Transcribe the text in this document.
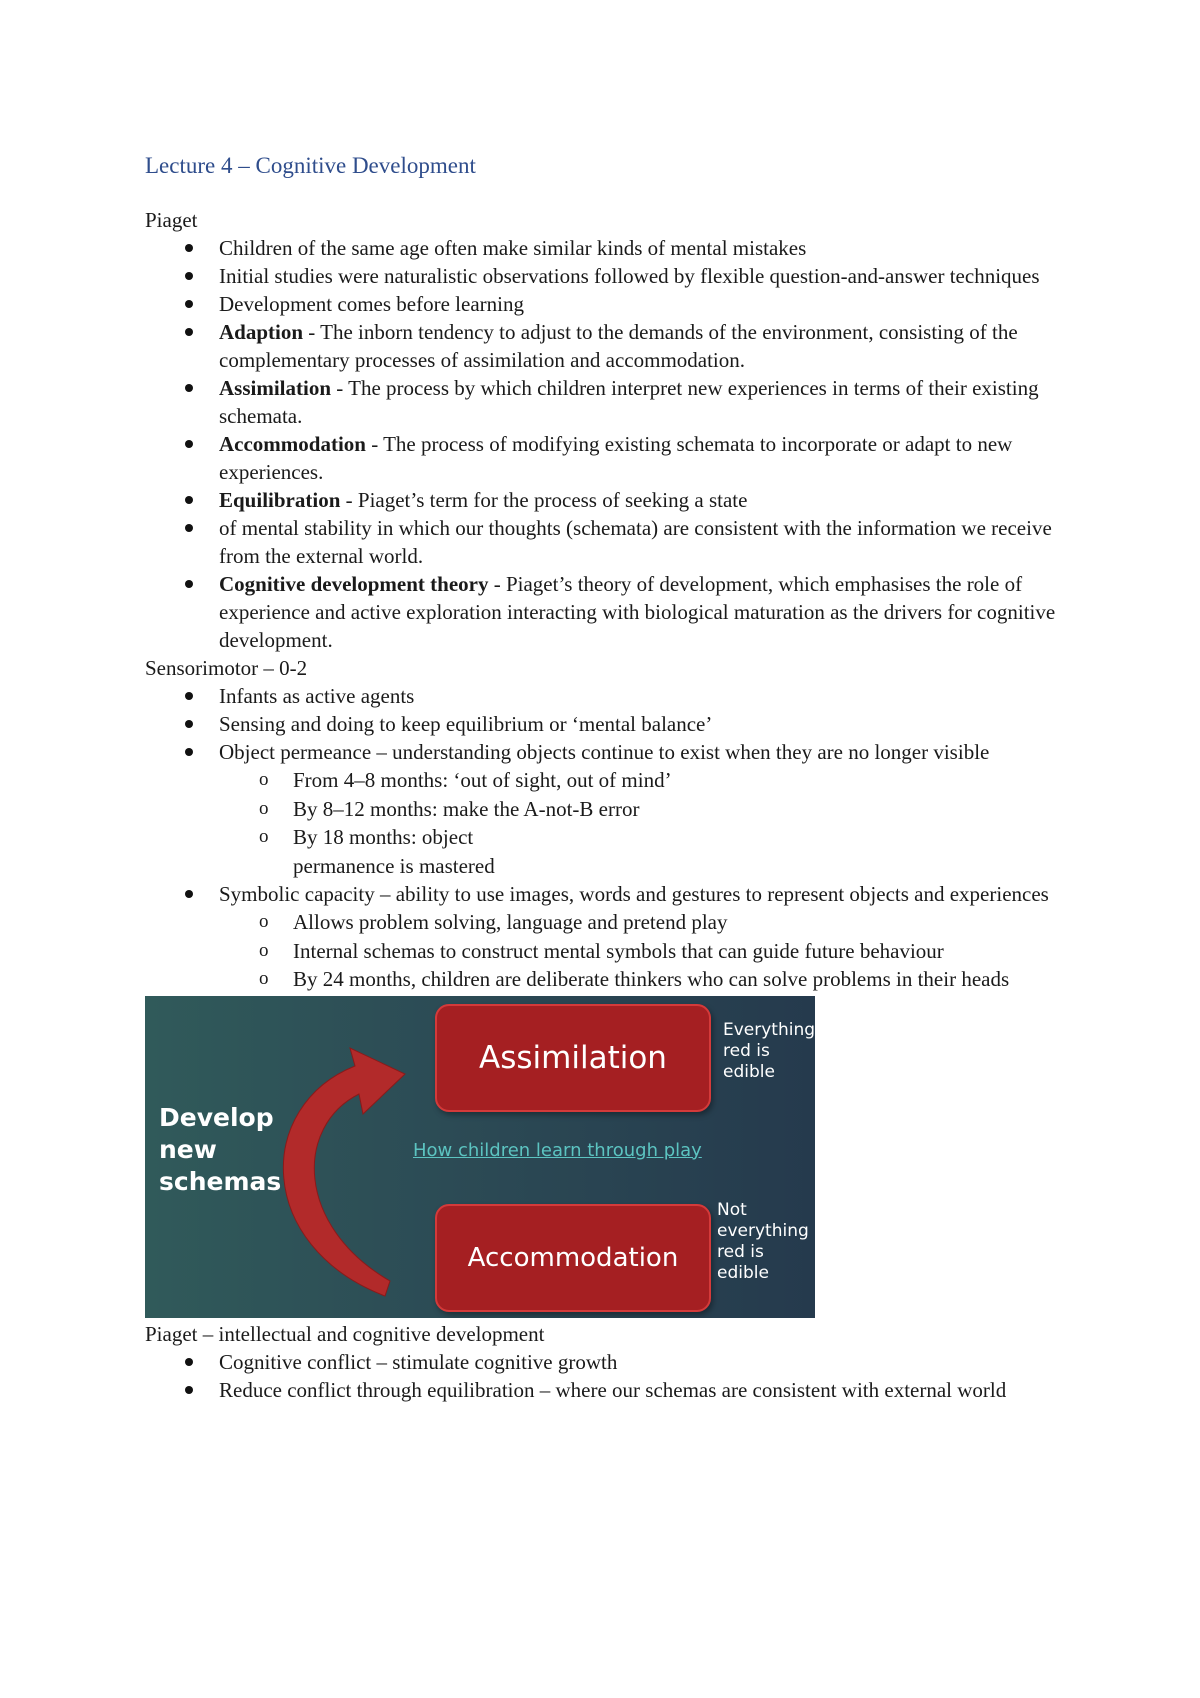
Lecture 4 – Cognitive Development

Piaget

Children of the same age often make similar kinds of mental mistakes
Initial studies were naturalistic observations followed by flexible question-and-answer techniques
Development comes before learning
Adaption - The inborn tendency to adjust to the demands of the environment, consisting of the complementary processes of assimilation and accommodation.
Assimilation - The process by which children interpret new experiences in terms of their existing schemata.
Accommodation - The process of modifying existing schemata to incorporate or adapt to new experiences.
Equilibration - Piaget’s term for the process of seeking a state
of mental stability in which our thoughts (schemata) are consistent with the information we receive from the external world.
Cognitive development theory - Piaget’s theory of development, which emphasises the role of experience and active exploration interacting with biological maturation as the drivers for cognitive development.

Sensorimotor – 0-2

Infants as active agents
Sensing and doing to keep equilibrium or ‘mental balance’
Object permeance – understanding objects continue to exist when they are no longer visible
o From 4–8 months: ‘out of sight, out of mind’
o By 8–12 months: make the A-not-B error
o By 18 months: object permanence is mastered
Symbolic capacity – ability to use images, words and gestures to represent objects and experiences
o Allows problem solving, language and pretend play
o Internal schemas to construct mental symbols that can guide future behaviour
o By 24 months, children are deliberate thinkers who can solve problems in their heads
Develop
new
schemas
Assimilation
Accommodation
Everything
red is
edible
Not
everything
red is
edible
How children learn through play

Piaget – intellectual and cognitive development

Cognitive conflict – stimulate cognitive growth
Reduce conflict through equilibration – where our schemas are consistent with external world
